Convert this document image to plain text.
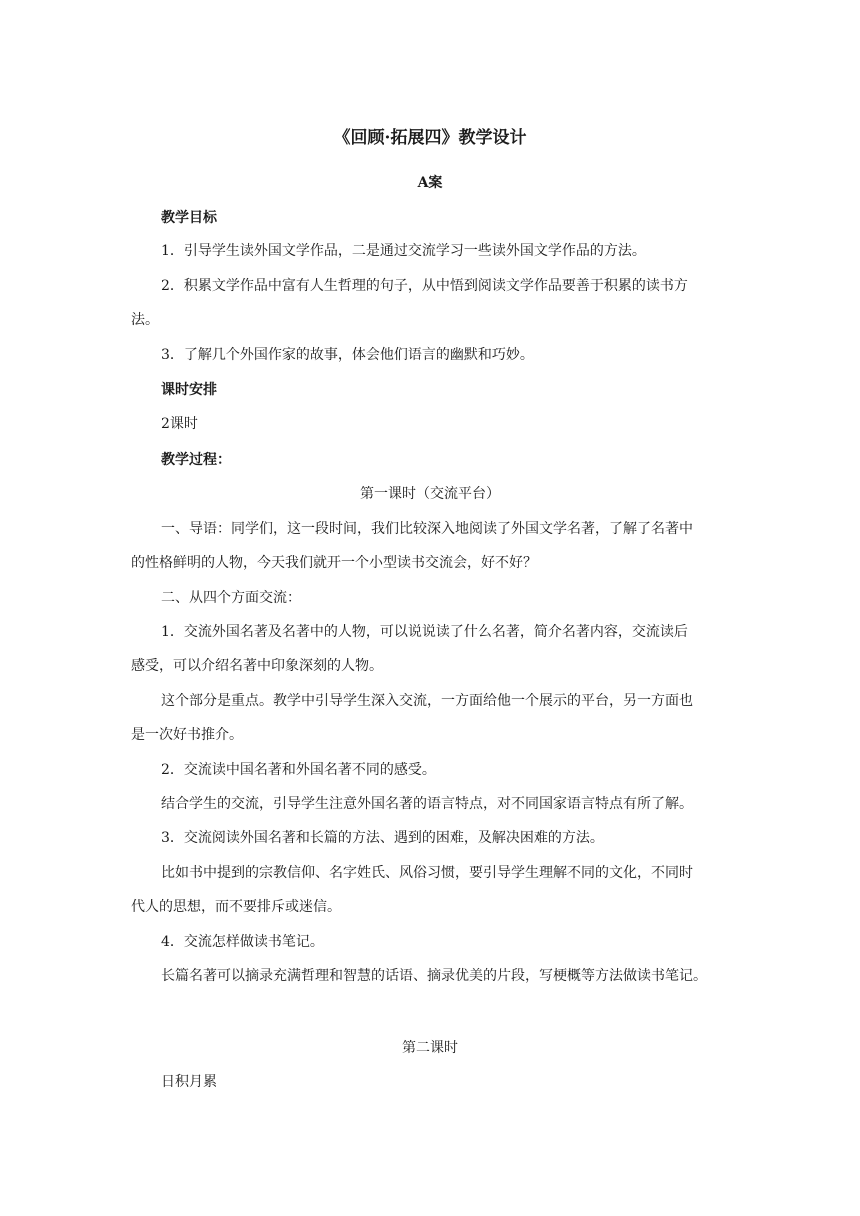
《回顾·拓展四》教学设计
A案
教学目标
1．引导学生读外国文学作品，二是通过交流学习一些读外国文学作品的方法。
2．积累文学作品中富有人生哲理的句子，从中悟到阅读文学作品要善于积累的读书方
法。
3．了解几个外国作家的故事，体会他们语言的幽默和巧妙。
课时安排
2课时
教学过程：
第一课时（交流平台）
一、导语：同学们，这一段时间，我们比较深入地阅读了外国文学名著，了解了名著中
的性格鲜明的人物，今天我们就开一个小型读书交流会，好不好？
二、从四个方面交流：
1．交流外国名著及名著中的人物，可以说说读了什么名著，简介名著内容，交流读后
感受，可以介绍名著中印象深刻的人物。
这个部分是重点。教学中引导学生深入交流，一方面给他一个展示的平台，另一方面也
是一次好书推介。
2．交流读中国名著和外国名著不同的感受。
结合学生的交流，引导学生注意外国名著的语言特点，对不同国家语言特点有所了解。
3．交流阅读外国名著和长篇的方法、遇到的困难，及解决困难的方法。
比如书中提到的宗教信仰、名字姓氏、风俗习惯，要引导学生理解不同的文化，不同时
代人的思想，而不要排斥或迷信。
4．交流怎样做读书笔记。
长篇名著可以摘录充满哲理和智慧的话语、摘录优美的片段，写梗概等方法做读书笔记。
第二课时
日积月累
